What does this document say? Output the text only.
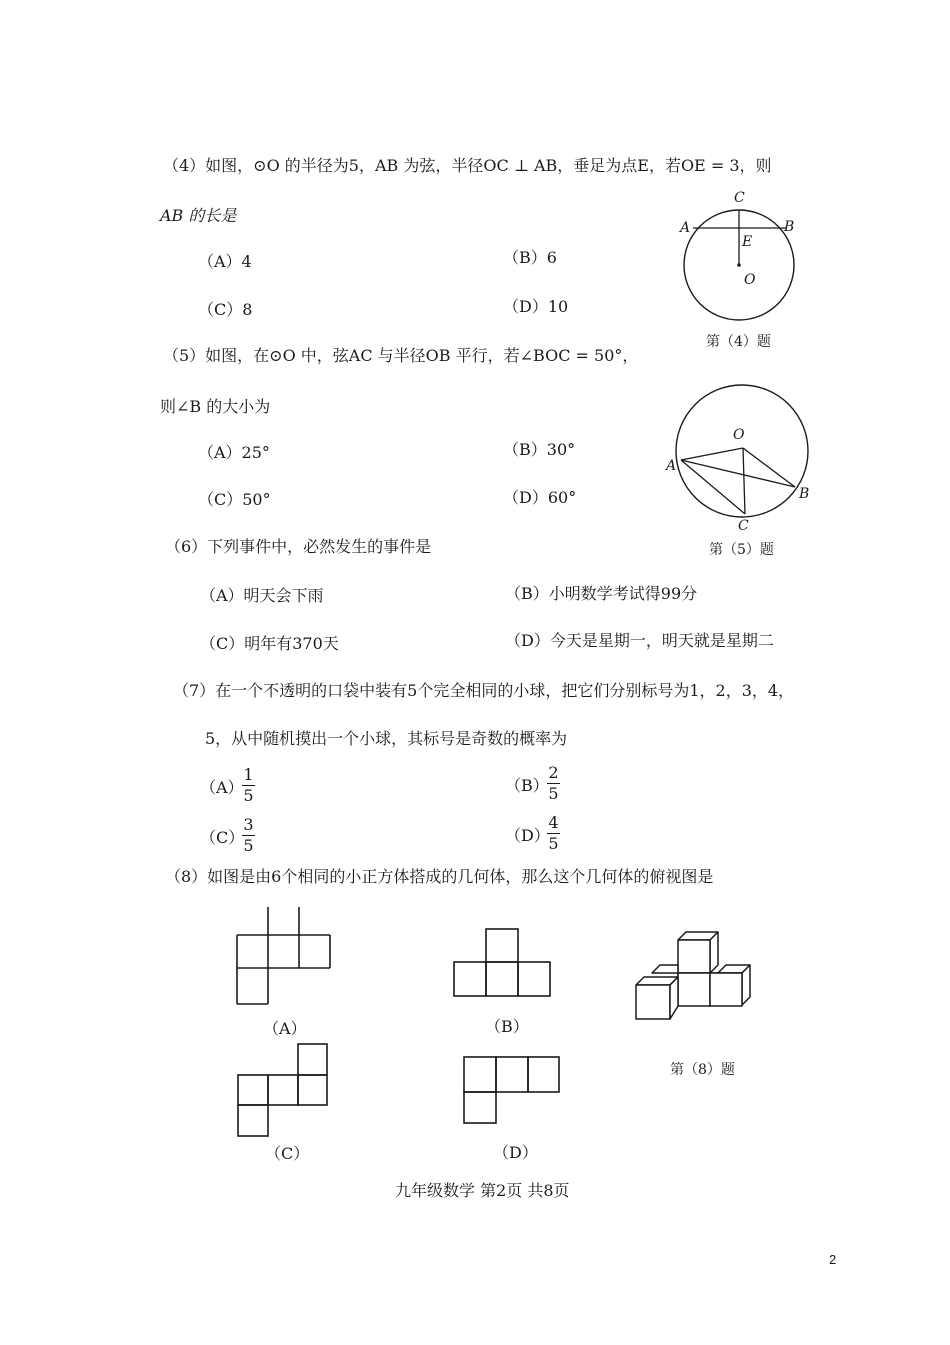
（4）如图，⊙O 的半径为5，AB 为弦，半径OC ⊥ AB，垂足为点E，若OE = 3，则
AB 的长是
（A）4	（B）6
（C）8	（D）10
C
A	B
E
O
第（4）题
（5）如图，在⊙O 中，弦AC 与半径OB 平行，若∠BOC = 50°，
则∠B 的大小为
（A）25°	（B）30°
（C）50°	（D）60°
O
A
B
C
第（5）题
（6）下列事件中，必然发生的事件是
（A）明天会下雨	（B）小明数学考试得99分
（C）明年有370天	（D）今天是星期一，明天就是星期二
（7）在一个不透明的口袋中装有5个完全相同的小球，把它们分别标号为1，2，3，4，
5，从中随机摸出一个小球，其标号是奇数的概率为
（A）
1
5
（B）
2
5
（C）
3
5
（D）
4
5
（8）如图是由6个相同的小正方体搭成的几何体，那么这个几何体的俯视图是
（A）	（B）
第（8）题
（C）	（D）
九年级数学 第2页 共8页
2
